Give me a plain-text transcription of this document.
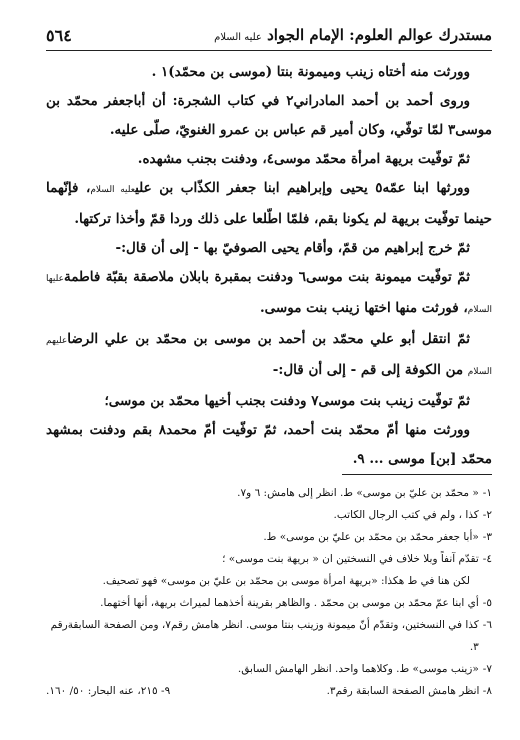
مستدرك عوالم العلوم: الإمام الجواد عليه السلام
٥٦٤

وورثت منه أختاه زينب وميمونة بنتا (موسى بن محمّد)١ .

وروى أحمد بن أحمد المادراني٢ في كتاب الشجرة: أن أباجعفر محمّد بن موسى٣ لمّا توفّي، وكان أمير قم عباس بن عمرو الغنويّ، صلّى عليه.

ثمّ توفّيت بريهة امرأة محمّد موسى٤، ودفنت بجنب مشهده.

وورثها ابنا عمّه٥ يحيى وإبراهيم ابنا جعفر الكذّاب بن عليعليه السلام، فإنّهما حينما توفّيت بريهة لم يكونا بقم، فلمّا اطّلعا على ذلك وردا قمّ وأخذا تركتها.

ثمّ خرج إبراهيم من قمّ، وأقام يحيى الصوفيّ بها - إلى أن قال:-

ثمّ توفّيت ميمونة بنت موسى٦ ودفنت بمقبرة بابلان ملاصقة بقبّة فاطمةعليها السلام، فورثت منها اختها زينب بنت موسى.

ثمّ انتقل أبو علي محمّد بن أحمد بن موسى بن محمّد بن علي الرضاعليهم السلام من الكوفة إلى قم - إلى أن قال:-

ثمّ توفّيت زينب بنت موسى٧ ودفنت بجنب أخيها محمّد بن موسى؛

وورثت منها أمّ محمّد بنت أحمد، ثمّ توفّيت أمّ محمد٨ بقم ودفنت بمشهد محمّد [بن] موسى ... ٩.

١-
« محمّد بن عليّ بن موسى» ط. انظر إلى هامش: ٦ و٧.

٢-
كذا ، ولم في كتب الرجال الكاتب.

٣-
«أبا جعفر محمّد بن محمّد بن عليّ بن موسى» ط.

٤-
تقدّم آنفاً وبلا خلاف في النسختين ان « بريهة بنت موسى» ؛

لكن هنا في ط هكذا: «بريهة امرأة موسى بن محمّد بن عليّ بن موسى» فهو تصحيف.

٥-
أي ابنا عمّ محمّد بن موسى بن محمّد . والظاهر بقرينة أخذهما لميراث بريهة، أنها أختهما.

٦-
كذا في النسختين، وتقدّم أنّ ميمونة وزينب بنتا موسى. انظر هامش رقم٧، ومن الصفحة السابقةرقم ٣.

٧-
«زينب موسى» ط. وكلاهما واحد. انظر الهامش السابق.

٨- انظر هامش الصفحة السابقة رقم٣.
٩- ٢١٥، عنه البحار: ٥٠/ ١٦٠.
